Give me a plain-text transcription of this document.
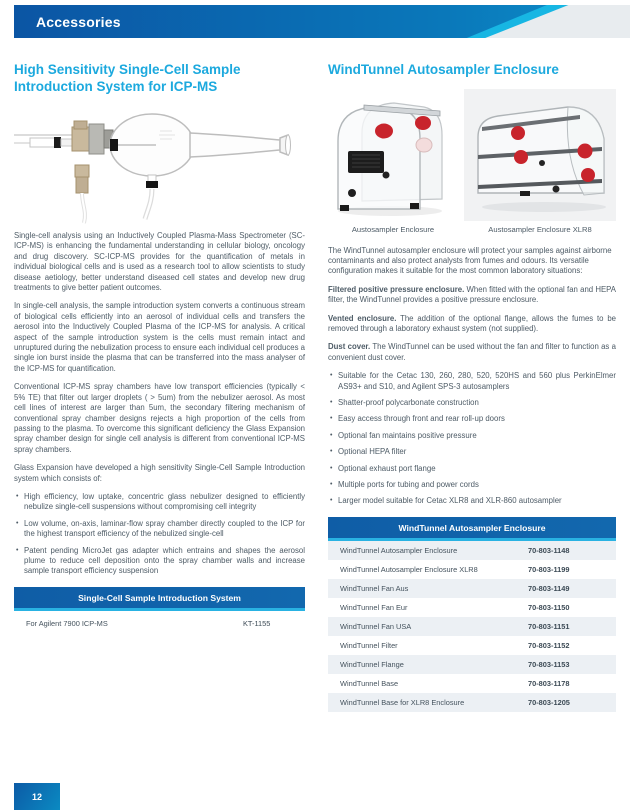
Accessories
High Sensitivity Single-Cell Sample Introduction System for ICP-MS

Single-cell analysis using an Inductively Coupled Plasma-Mass Spectrometer (SC-ICP-MS) is enhancing the fundamental understanding in cellular biology, oncology and drug discovery. SC-ICP-MS provides for the quantification of metals in individual biological cells and is used as a research tool to allow scientists to study disease aetiology, better understand diseased cell states and develop new drug treatments to give better patient outcomes.

In single-cell analysis, the sample introduction system converts a continuous stream of biological cells efficiently into an aerosol of individual cells and transfers the aerosol into the Inductively Coupled Plasma of the ICP-MS for analysis. A critical aspect of the sample introduction system is the cells must remain intact and unruptured during the nebulization process to ensure each individual cell produces a single ion burst inside the plasma that can be transferred into the mass analyser of the ICP-MS for quantification.

Conventional ICP-MS spray chambers have low transport efficiencies (typically < 5% TE) that filter out larger droplets ( > 5um) from the nebulizer aerosol. As most cell lines of interest are larger than 5um, the secondary filtering mechanism of conventional spray chamber designs rejects a high proportion of the cells from passing to the plasma. To overcome this significant deficiency the Glass Expansion spray chamber design for single cell analysis is different from conventional ICP-MS spray chambers.

Glass Expansion have developed a high sensitivity Single-Cell Sample Introduction system which consists of:

• High efficiency, low uptake, concentric glass nebulizer designed to efficiently nebulize single-cell suspensions without compromising cell integrity
• Low volume, on-axis, laminar-flow spray chamber directly coupled to the ICP for the highest transport efficiency of the nebulized single-cell
• Patent pending MicroJet gas adapter which entrains and shapes the aerosol plume to reduce cell deposition onto the spray chamber walls and increase sample transport efficiency suspension
Single-Cell Sample Introduction System
For Agilent 7900 ICP-MS	KT-1155
WindTunnel Autosampler Enclosure
Austosampler Enclosure	Austosampler Enclosure XLR8

The WindTunnel autosampler enclosure will protect your samples against airborne contaminants and also protect analysts from fumes and odours. Its versatile configuration makes it suitable for the most common laboratory situations:

Filtered positive pressure enclosure. When fitted with the optional fan and HEPA filter, the WindTunnel provides a positive pressure enclosure.

Vented enclosure. The addition of the optional flange, allows the fumes to be removed through a laboratory exhaust system (not supplied).

Dust cover. The WindTunnel can be used without the fan and filter to function as a convenient dust cover.

• Suitable for the Cetac 130, 260, 280, 520, 520HS and 560 plus PerkinElmer AS93+ and S10, and Agilent SPS-3 autosamplers
• Shatter-proof polycarbonate construction
• Easy access through front and rear roll-up doors
• Optional fan maintains positive pressure
• Optional HEPA filter
• Optional exhaust port flange
• Multiple ports for tubing and power cords
• Larger model suitable for Cetac XLR8 and XLR-860 autosampler
WindTunnel Autosampler Enclosure
WindTunnel Autosampler Enclosure	70-803-1148
WindTunnel Autosampler Enclosure XLR8	70-803-1199
WindTunnel Fan Aus	70-803-1149
WindTunnel Fan Eur	70-803-1150
WindTunnel Fan USA	70-803-1151
WindTunnel Filter	70-803-1152
WindTunnel Flange	70-803-1153
WindTunnel Base	70-803-1178
WindTunnel Base for XLR8 Enclosure	70-803-1205
12
